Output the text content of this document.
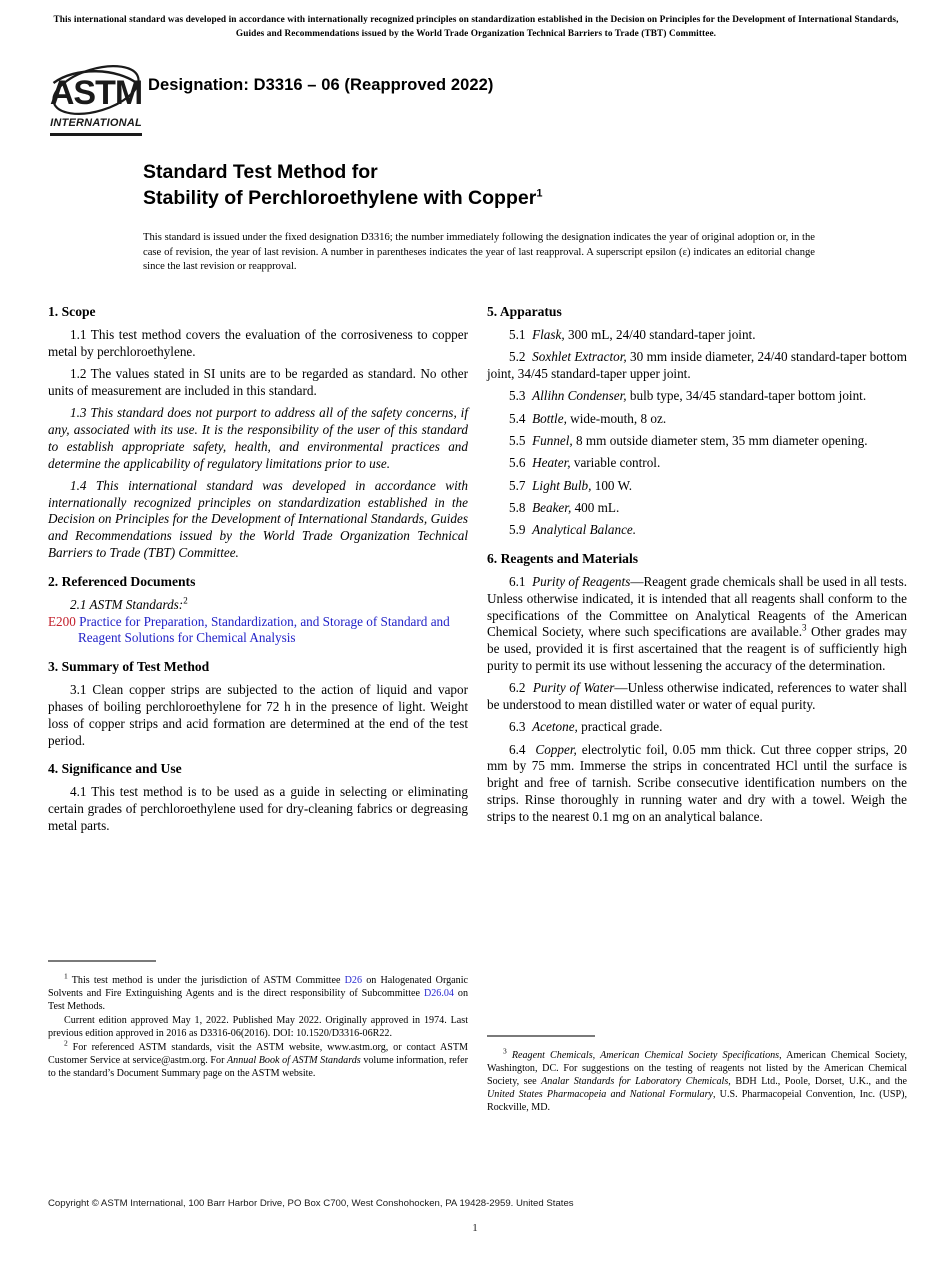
This international standard was developed in accordance with internationally recognized principles on standardization established in the Decision on Principles for the Development of International Standards, Guides and Recommendations issued by the World Trade Organization Technical Barriers to Trade (TBT) Committee.
ASTM
INTERNATIONAL
Designation: D3316 – 06 (Reapproved 2022)
Standard Test Method for
Stability of Perchloroethylene with Copper$^1$
This standard is issued under the fixed designation D3316; the number immediately following the designation indicates the year of original adoption or, in the case of revision, the year of last revision. A number in parentheses indicates the year of last reapproval. A superscript epsilon (ε) indicates an editorial change since the last revision or reapproval.
1. Scope

1.1 This test method covers the evaluation of the corrosiveness to copper metal by perchloroethylene.

1.2 The values stated in SI units are to be regarded as standard. No other units of measurement are included in this standard.

1.3 This standard does not purport to address all of the safety concerns, if any, associated with its use. It is the responsibility of the user of this standard to establish appropriate safety, health, and environmental practices and determine the applicability of regulatory limitations prior to use.

1.4 This international standard was developed in accordance with internationally recognized principles on standardization established in the Decision on Principles for the Development of International Standards, Guides and Recommendations issued by the World Trade Organization Technical Barriers to Trade (TBT) Committee.

2. Referenced Documents

2.1 ASTM Standards:$^2$

E200 Practice for Preparation, Standardization, and Storage of Standard and Reagent Solutions for Chemical Analysis

3. Summary of Test Method

3.1 Clean copper strips are subjected to the action of liquid and vapor phases of boiling perchloroethylene for 72 h in the presence of light. Weight loss of copper strips and acid formation are determined at the end of the test period.

4. Significance and Use

4.1 This test method is to be used as a guide in selecting or eliminating certain grades of perchloroethylene used for dry-cleaning fabrics or degreasing metal parts.

5. Apparatus

5.1 Flask, 300 mL, 24/40 standard-taper joint.

5.2 Soxhlet Extractor, 30 mm inside diameter, 24/40 standard-taper bottom joint, 34/45 standard-taper upper joint.

5.3 Allihn Condenser, bulb type, 34/45 standard-taper bottom joint.

5.4 Bottle, wide-mouth, 8 oz.

5.5 Funnel, 8 mm outside diameter stem, 35 mm diameter opening.

5.6 Heater, variable control.

5.7 Light Bulb, 100 W.

5.8 Beaker, 400 mL.

5.9 Analytical Balance.

6. Reagents and Materials

6.1 Purity of Reagents—Reagent grade chemicals shall be used in all tests. Unless otherwise indicated, it is intended that all reagents shall conform to the specifications of the Committee on Analytical Reagents of the American Chemical Society, where such specifications are available.$^3$ Other grades may be used, provided it is first ascertained that the reagent is of sufficiently high purity to permit its use without lessening the accuracy of the determination.

6.2 Purity of Water—Unless otherwise indicated, references to water shall be understood to mean distilled water or water of equal purity.

6.3 Acetone, practical grade.

6.4 Copper, electrolytic foil, 0.05 mm thick. Cut three copper strips, 20 mm by 75 mm. Immerse the strips in concentrated HCl until the surface is bright and free of tarnish. Scribe consecutive identification numbers on the strips. Rinse thoroughly in running water and dry with a towel. Weigh the strips to the nearest 0.1 mg on an analytical balance.

$^1$ This test method is under the jurisdiction of ASTM Committee D26 on Halogenated Organic Solvents and Fire Extinguishing Agents and is the direct responsibility of Subcommittee D26.04 on Test Methods.

Current edition approved May 1, 2022. Published May 2022. Originally approved in 1974. Last previous edition approved in 2016 as D3316-06(2016). DOI: 10.1520/D3316-06R22.

$^2$ For referenced ASTM standards, visit the ASTM website, www.astm.org, or contact ASTM Customer Service at service@astm.org. For Annual Book of ASTM Standards volume information, refer to the standard’s Document Summary page on the ASTM website.

$^3$ Reagent Chemicals, American Chemical Society Specifications, American Chemical Society, Washington, DC. For suggestions on the testing of reagents not listed by the American Chemical Society, see Analar Standards for Laboratory Chemicals, BDH Ltd., Poole, Dorset, U.K., and the United States Pharmacopeia and National Formulary, U.S. Pharmacopeial Convention, Inc. (USP), Rockville, MD.

Copyright © ASTM International, 100 Barr Harbor Drive, PO Box C700, West Conshohocken, PA 19428-2959. United States
1
